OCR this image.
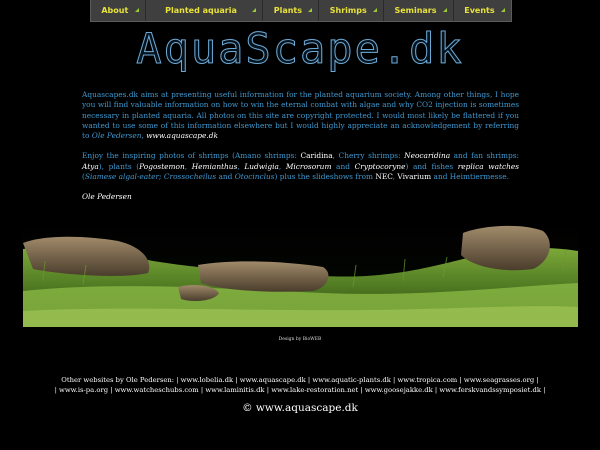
About	Planted aquaria	Plants	Shrimps	Seminars	Events
AquaScape.dk

Aquascapes.dk aims at presenting useful information for the planted aquarium society. Among other things, I hope you will find valuable information on how to win the eternal combat with algae and why CO2 injection is sometimes necessary in planted aquaria. All photos on this site are copyright protected. I would most likely be flattered if you wanted to use some of this information elsewhere but I would highly appreciate an acknowledgement by referring to Ole Pedersen, www.aquascape.dk

Enjoy the inspiring photos of shrimps (Amano shrimps: Caridina, Cherry shrimps: Neocaridina and fan shrimps: Atya), plants (Pogostemon, Hemianthus, Ludwigia, Microsorum and Cryptocoryne) and fishes replica watches (Siamese algal-eater; Crossocheilus and Otocinclus) plus the slideshows from NEC, Vivarium and Heimtiermesse.

Ole Pedersen

Design by BioWEB
Other websites by Ole Pedersen: | www.lobelia.dk | www.aquascape.dk | www.aquatic-plants.dk | www.tropica.com | www.seagrasses.org |
| www.is-pa.org | www.watcheschubs.com | www.laminitis.dk | www.lake-restoration.net | www.goosejakke.dk | www.ferskvandssymposiet.dk |
© www.aquascape.dk
